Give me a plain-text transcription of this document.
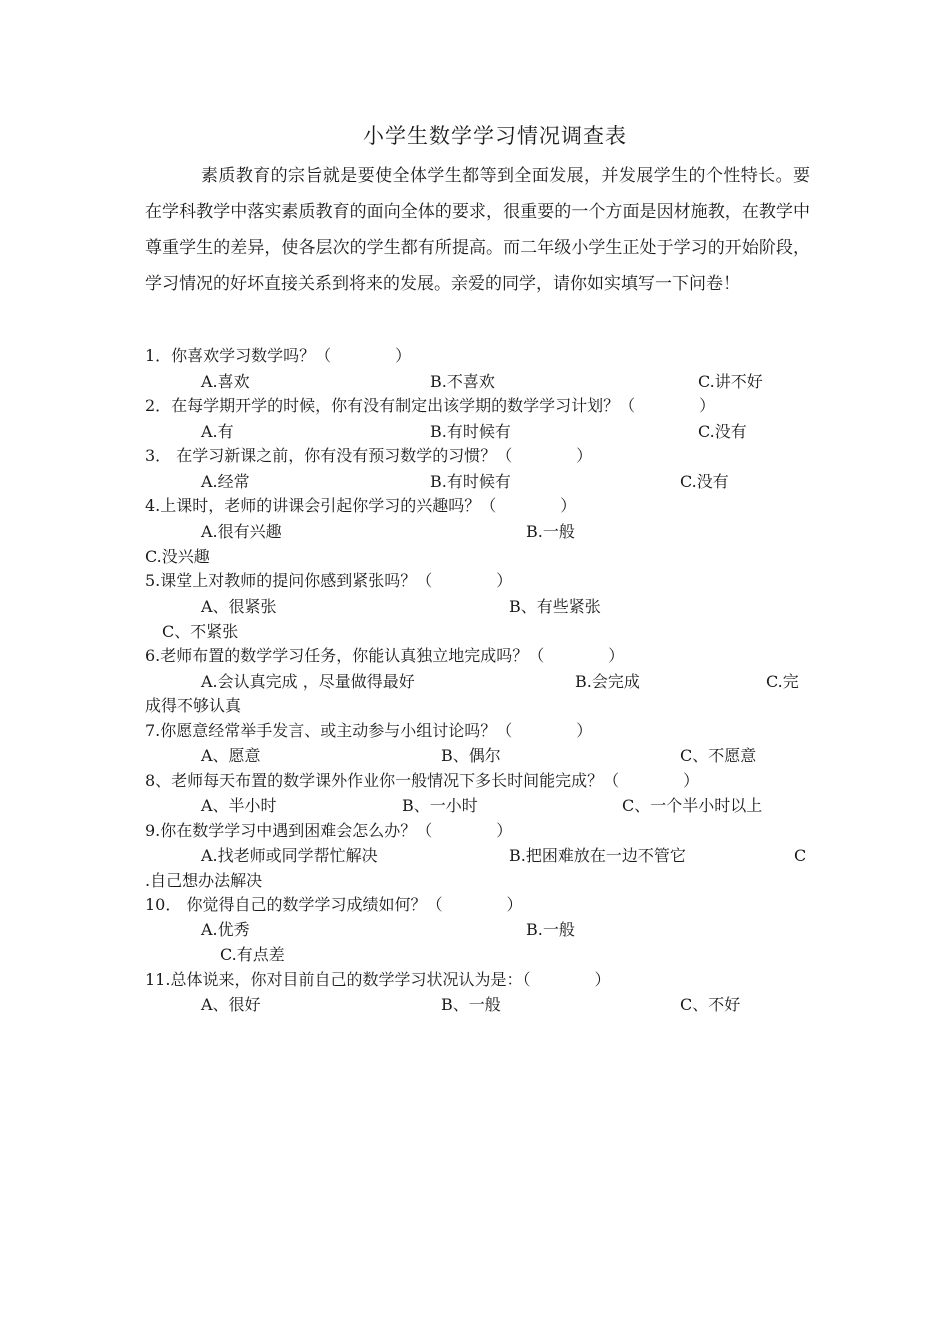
小学生数学学习情况调查表

素质教育的宗旨就是要使全体学生都等到全面发展，并发展学生的个性特长。要在学科教学中落实素质教育的面向全体的要求，很重要的一个方面是因材施教，在教学中尊重学生的差异，使各层次的学生都有所提高。而二年级小学生正处于学习的开始阶段，学习情况的好坏直接关系到将来的发展。亲爱的同学，请你如实填写一下问卷！

1．你喜欢学习数学吗？（　　　　）
A.喜欢	B.不喜欢	C.讲不好
2．在每学期开学的时候，你有没有制定出该学期的数学学习计划？（　　　　）
A.有	B.有时候有	C.没有
3． 在学习新课之前，你有没有预习数学的习惯？（　　　　）
A.经常	B.有时候有	C.没有
4.上课时，老师的讲课会引起你学习的兴趣吗？（　　　　）
A.很有兴趣	B.一般
C.没兴趣
5.课堂上对教师的提问你感到紧张吗？（　　　　）
A、很紧张	B、有些紧张
C、不紧张
6.老师布置的数学学习任务，你能认真独立地完成吗？（　　　　）
A.会认真完成 ，尽量做得最好	B.会完成	C.完
成得不够认真
7.你愿意经常举手发言、或主动参与小组讨论吗？（　　　　）
A、愿意	B、偶尔	C、不愿意
8、老师每天布置的数学课外作业你一般情况下多长时间能完成？（　　　　）
A、半小时	B、一小时	C、一个半小时以上
9.你在数学学习中遇到困难会怎么办？（　　　　）
A.找老师或同学帮忙解决	B.把困难放在一边不管它	C
.自己想办法解决
10． 你觉得自己的数学学习成绩如何？（　　　　）
A.优秀	B.一般
C.有点差
11.总体说来，你对目前自己的数学学习状况认为是：（　　　　）
A、很好	B、一般	C、不好
